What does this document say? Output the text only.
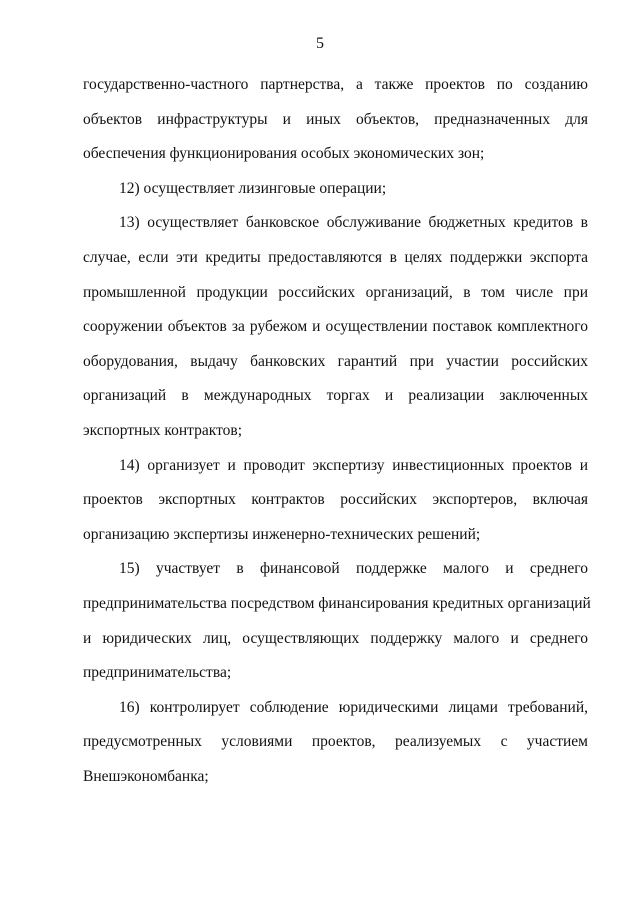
5
государственно-частного партнерства, а также проектов по созданию
объектов инфраструктуры и иных объектов, предназначенных для
обеспечения функционирования особых экономических зон;
12) осуществляет лизинговые операции;
13) осуществляет банковское обслуживание бюджетных кредитов в
случае, если эти кредиты предоставляются в целях поддержки экспорта
промышленной продукции российских организаций, в том числе при
сооружении объектов за рубежом и осуществлении поставок комплектного
оборудования, выдачу банковских гарантий при участии российских
организаций в международных торгах и реализации заключенных
экспортных контрактов;
14) организует и проводит экспертизу инвестиционных проектов и
проектов экспортных контрактов российских экспортеров, включая
организацию экспертизы инженерно-технических решений;
15) участвует в финансовой поддержке малого и среднего
предпринимательства посредством финансирования кредитных организаций
и юридических лиц, осуществляющих поддержку малого и среднего
предпринимательства;
16) контролирует соблюдение юридическими лицами требований,
предусмотренных условиями проектов, реализуемых с участием
Внешэкономбанка;
